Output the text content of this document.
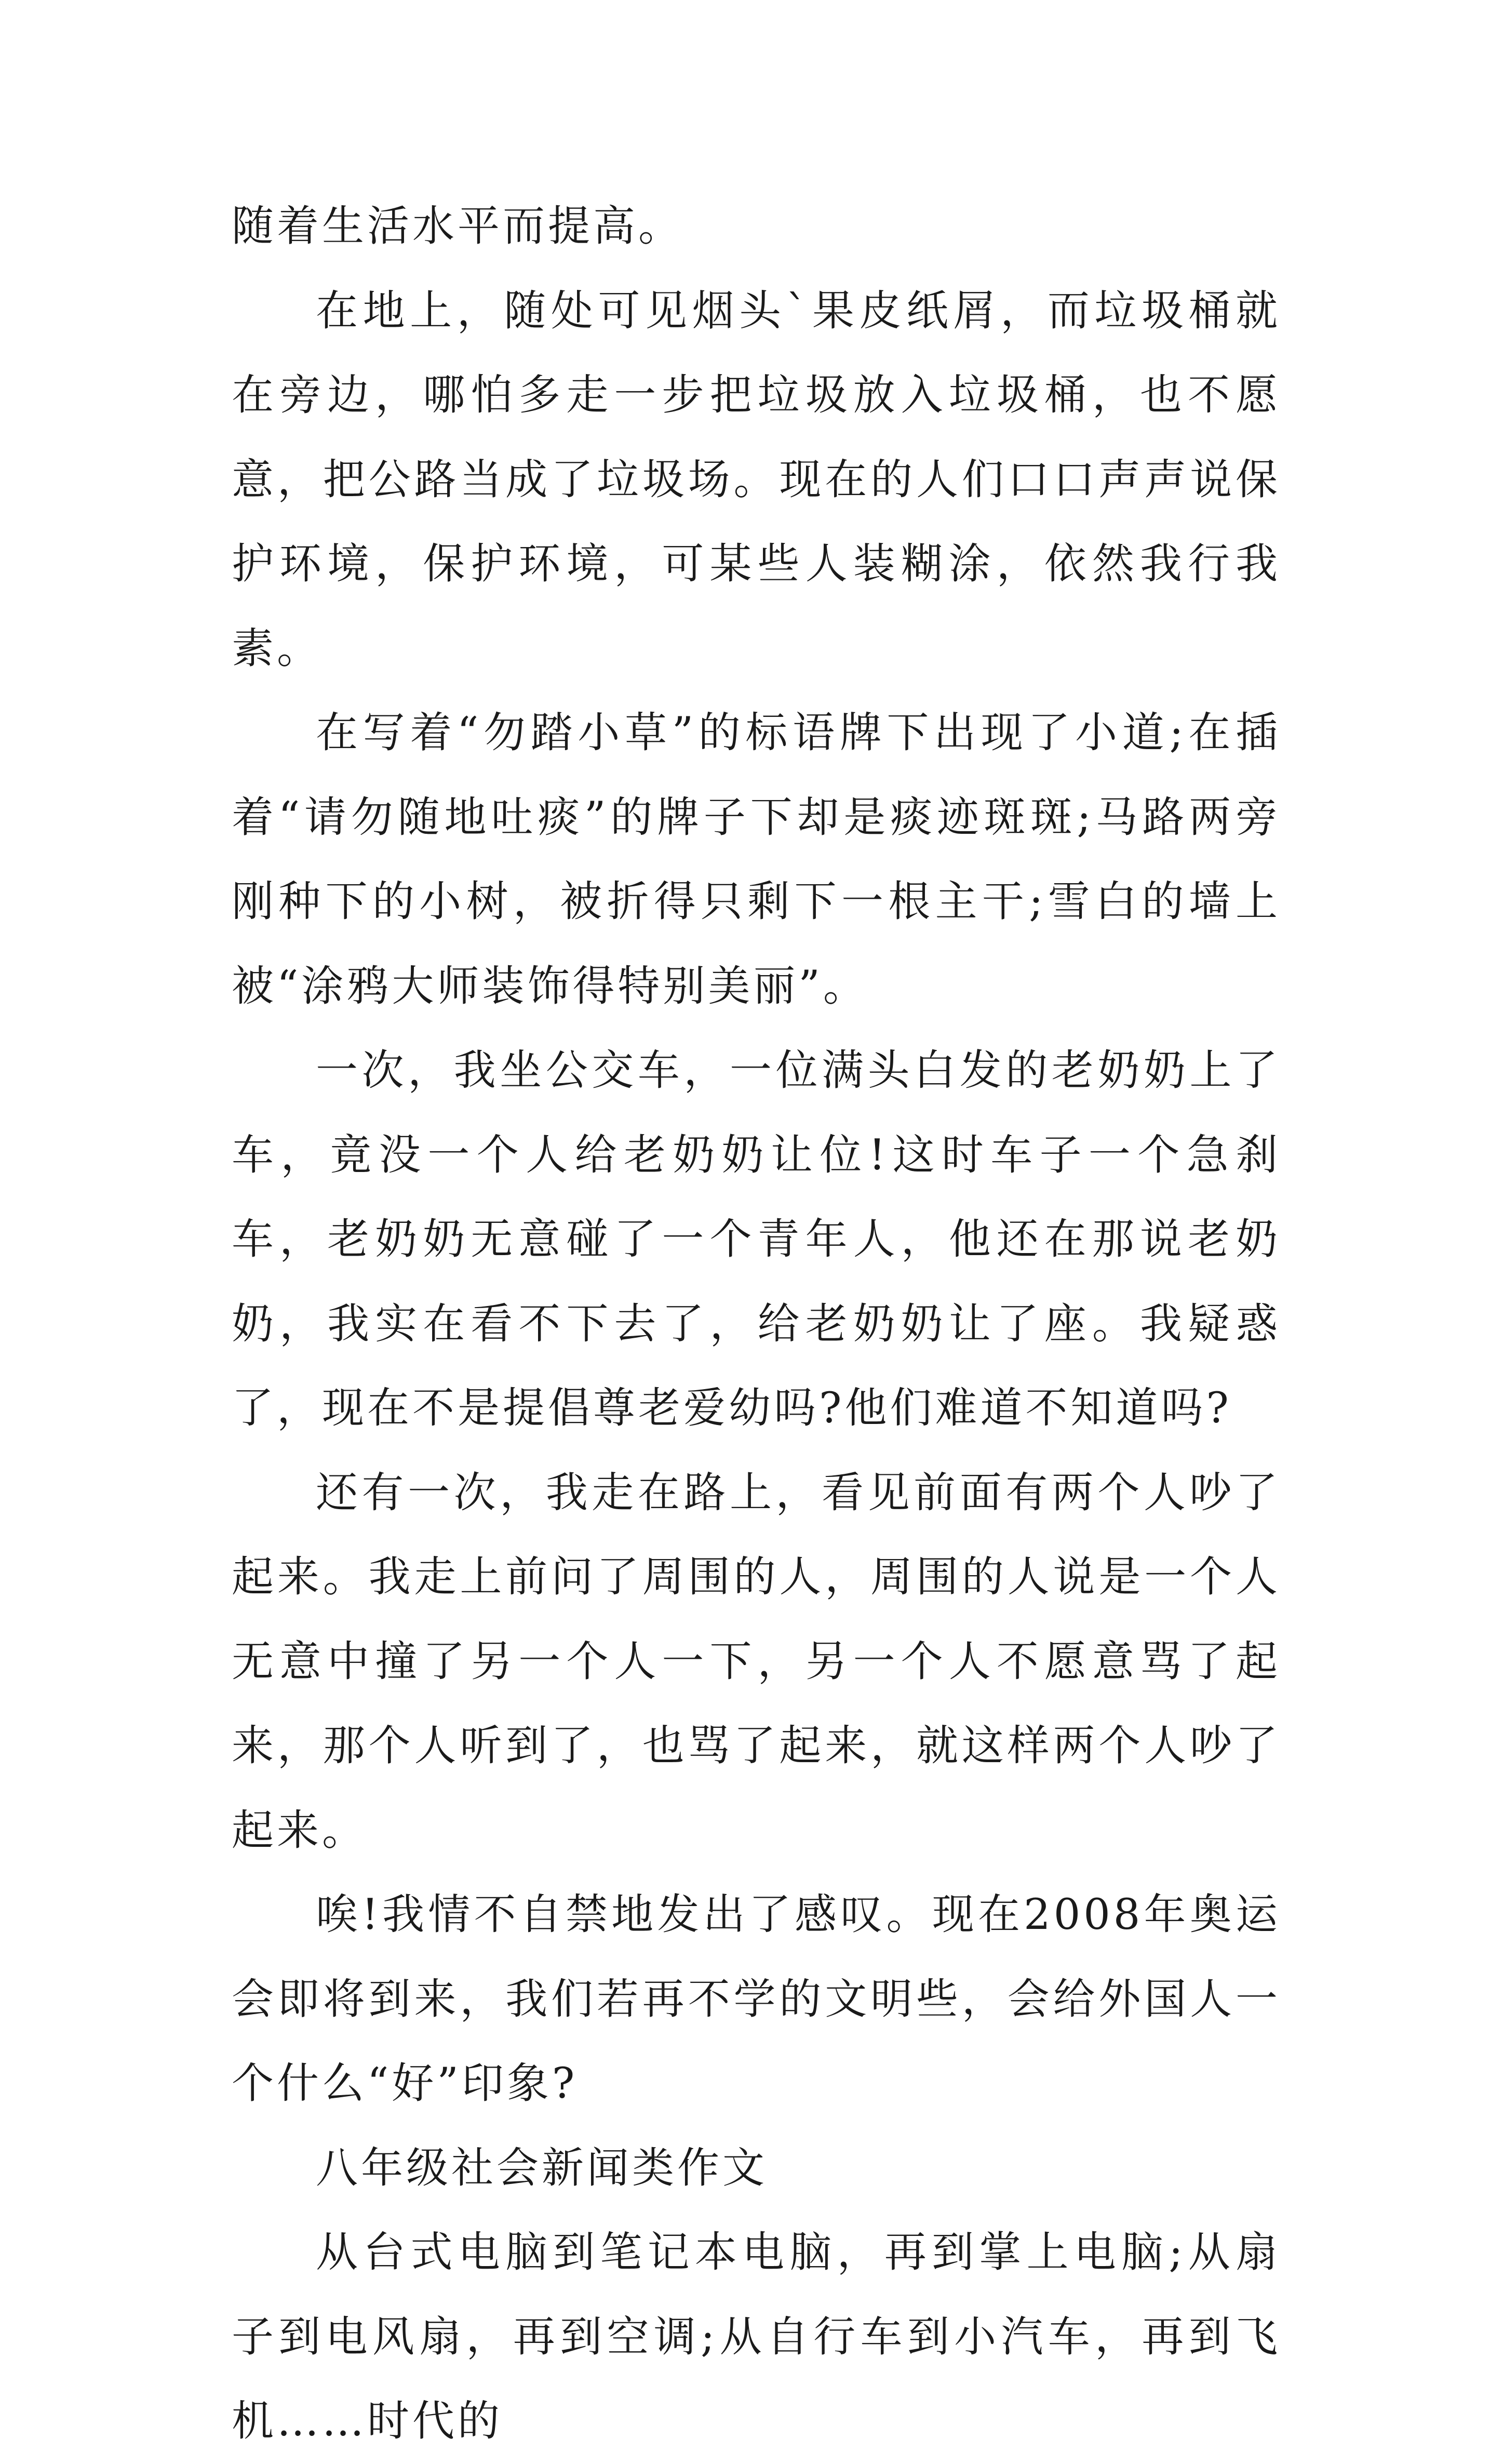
随着生活水平而提高。

在地上，随处可见烟头`果皮纸屑，而垃圾桶就在旁边，哪怕多走一步把垃圾放入垃圾桶，也不愿意，把公路当成了垃圾场。现在的人们口口声声说保护环境，保护环境，可某些人装糊涂，依然我行我素。

在写着“勿踏小草”的标语牌下出现了小道;在插着“请勿随地吐痰”的牌子下却是痰迹斑斑;马路两旁刚种下的小树，被折得只剩下一根主干;雪白的墙上被“涂鸦大师装饰得特别美丽”。

一次，我坐公交车，一位满头白发的老奶奶上了车，竟没一个人给老奶奶让位!这时车子一个急刹车，老奶奶无意碰了一个青年人，他还在那说老奶奶，我实在看不下去了，给老奶奶让了座。我疑惑了，现在不是提倡尊老爱幼吗?他们难道不知道吗?

还有一次，我走在路上，看见前面有两个人吵了起来。我走上前问了周围的人，周围的人说是一个人无意中撞了另一个人一下，另一个人不愿意骂了起来，那个人听到了，也骂了起来，就这样两个人吵了起来。

唉!我情不自禁地发出了感叹。现在2008年奥运会即将到来，我们若再不学的文明些，会给外国人一个什么“好”印象?

八年级社会新闻类作文

从台式电脑到笔记本电脑，再到掌上电脑;从扇子到电风扇，再到空调;从自行车到小汽车，再到飞机……时代的
